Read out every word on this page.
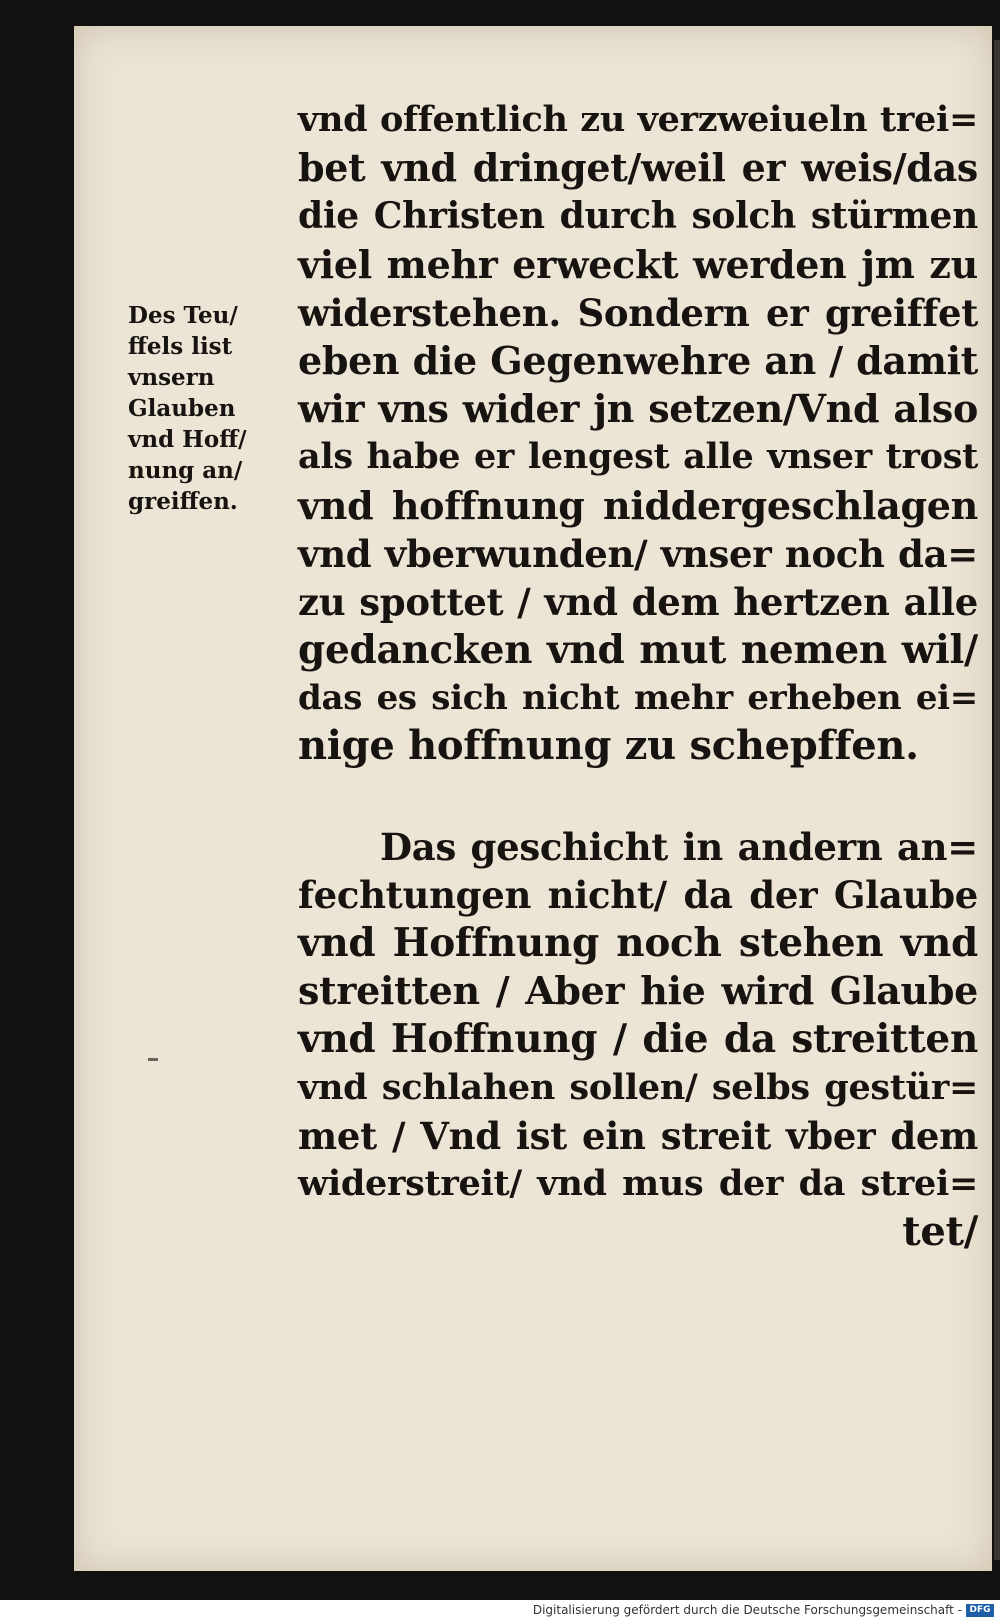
Des Teu/
ffels list
vnsern
Glauben
vnd Hoff/
nung an/
greiffen.
vnd offentlich zu verzweiueln trei=
bet vnd dringet/weil er weis/das
die Christen durch solch stürmen
viel mehr erweckt werden jm zu
widerstehen. Sondern er greiffet
eben die Gegenwehre an / damit
wir vns wider jn setzen/Vnd also
als habe er lengest alle vnser trost
vnd hoffnung niddergeschlagen
vnd vberwunden/ vnser noch da=
zu spottet / vnd dem hertzen alle
gedancken vnd mut nemen wil/
das es sich nicht mehr erheben ei=
nige hoffnung zu schepffen.
Das geschicht in andern an=
fechtungen nicht/ da der Glaube
vnd Hoffnung noch stehen vnd
streitten / Aber hie wird Glaube
vnd Hoffnung / die da streitten
vnd schlahen sollen/ selbs gestür=
met / Vnd ist ein streit vber dem
widerstreit/ vnd mus der da strei=
tet/
Digitalisierung gefördert durch die Deutsche Forschungsgemeinschaft - DFG
